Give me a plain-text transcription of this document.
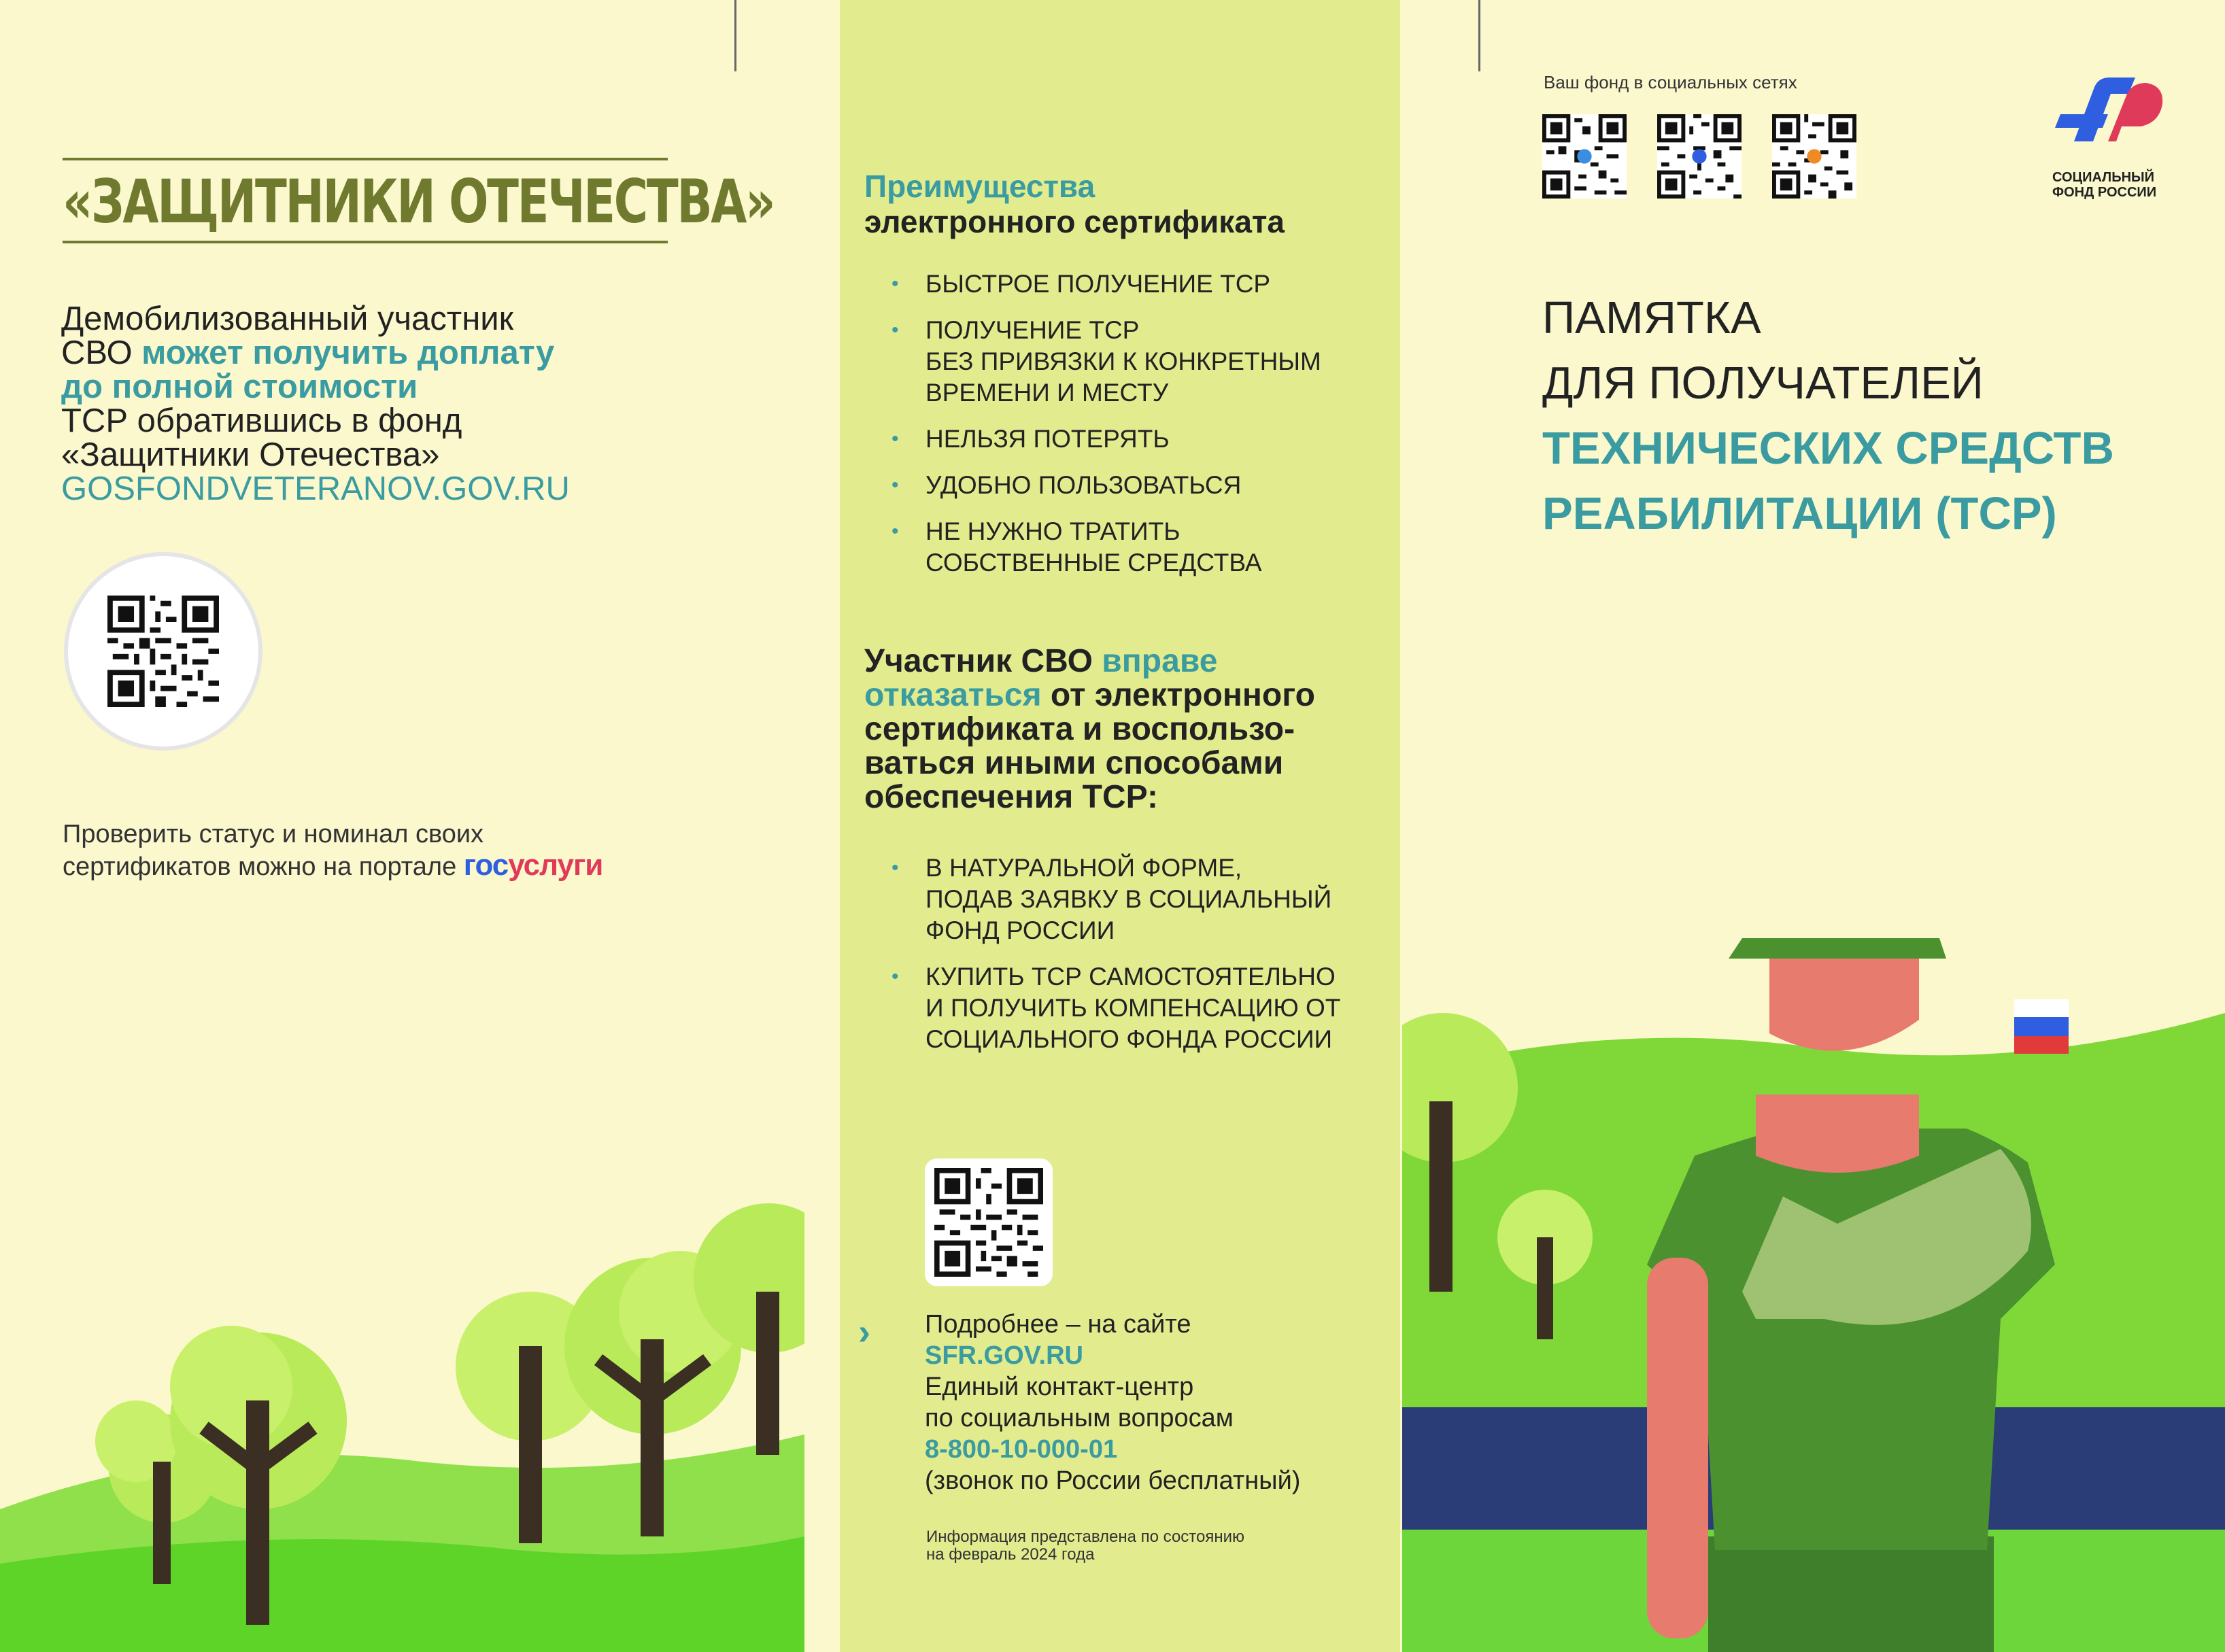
«ЗАЩИТНИКИ ОТЕЧЕСТВА»
Демобилизованный участник
СВО может получить доплату
до полной стоимости
ТСР обратившись в фонд
«Защитники Отечества»
GOSFONDVETERANOV.GOV.RU
Проверить статус и номинал своих
сертификатов можно на портале госуслуги
Преимущества
электронного сертификата
• БЫСТРОЕ ПОЛУЧЕНИЕ ТСР
• ПОЛУЧЕНИЕ ТСР
БЕЗ ПРИВЯЗКИ К КОНКРЕТНЫМ
ВРЕМЕНИ И МЕСТУ
• НЕЛЬЗЯ ПОТЕРЯТЬ
• УДОБНО ПОЛЬЗОВАТЬСЯ
• НЕ НУЖНО ТРАТИТЬ
СОБСТВЕННЫЕ СРЕДСТВА
Участник СВО вправе отказаться от электронного сертификата и воспользо-ваться иными способами обеспечения ТСР:
• В НАТУРАЛЬНОЙ ФОРМЕ,
ПОДАВ ЗАЯВКУ В СОЦИАЛЬНЫЙ
ФОНД РОССИИ
• КУПИТЬ ТСР САМОСТОЯТЕЛЬНО
И ПОЛУЧИТЬ КОМПЕНСАЦИЮ ОТ
СОЦИАЛЬНОГО ФОНДА РОССИИ
› Подробнее – на сайте
SFR.GOV.RU
Единый контакт-центр
по социальным вопросам
8-800-10-000-01
(звонок по России бесплатный)
Информация представлена по состоянию
на февраль 2024 года
Ваш фонд в социальных сетях
СОЦИАЛЬНЫЙ
ФОНД РОССИИ
ПАМЯТКА
ДЛЯ ПОЛУЧАТЕЛЕЙ
ТЕХНИЧЕСКИХ СРЕДСТВ
РЕАБИЛИТАЦИИ (ТСР)
